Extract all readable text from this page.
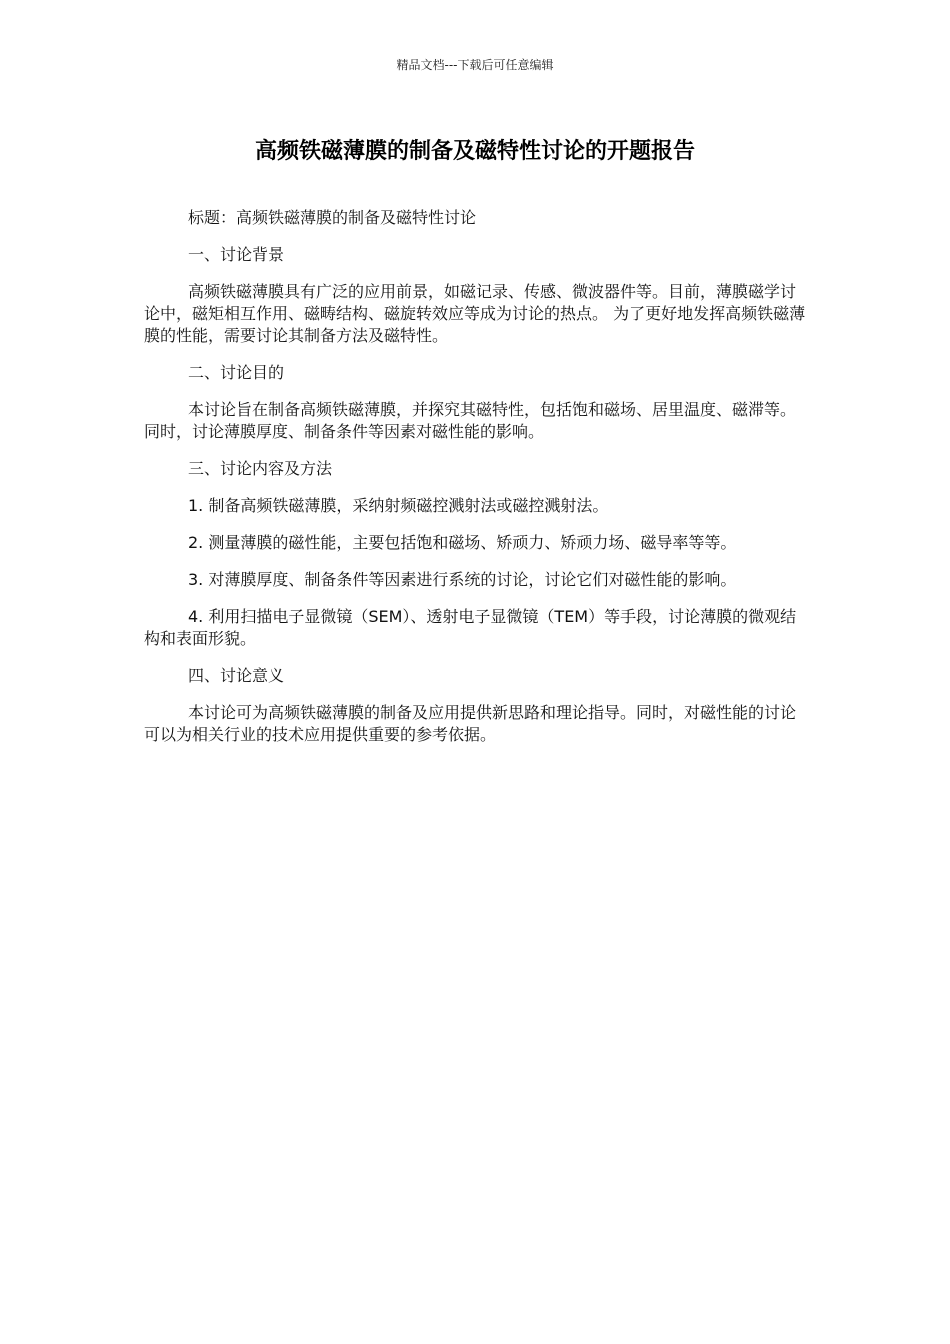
精品文档---下载后可任意编辑
高频铁磁薄膜的制备及磁特性讨论的开题报告

标题：高频铁磁薄膜的制备及磁特性讨论

一、讨论背景

高频铁磁薄膜具有广泛的应用前景，如磁记录、传感、微波器件等。目前，薄膜磁学讨论中，磁矩相互作用、磁畴结构、磁旋转效应等成为讨论的热点。 为了更好地发挥高频铁磁薄膜的性能，需要讨论其制备方法及磁特性。

二、讨论目的

本讨论旨在制备高频铁磁薄膜，并探究其磁特性，包括饱和磁场、居里温度、磁滞等。同时，讨论薄膜厚度、制备条件等因素对磁性能的影响。

三、讨论内容及方法

1. 制备高频铁磁薄膜，采纳射频磁控溅射法或磁控溅射法。

2. 测量薄膜的磁性能，主要包括饱和磁场、矫顽力、矫顽力场、磁导率等等。

3. 对薄膜厚度、制备条件等因素进行系统的讨论，讨论它们对磁性能的影响。

4. 利用扫描电子显微镜（SEM）、透射电子显微镜（TEM）等手段，讨论薄膜的微观结构和表面形貌。

四、讨论意义

本讨论可为高频铁磁薄膜的制备及应用提供新思路和理论指导。同时，对磁性能的讨论可以为相关行业的技术应用提供重要的参考依据。
